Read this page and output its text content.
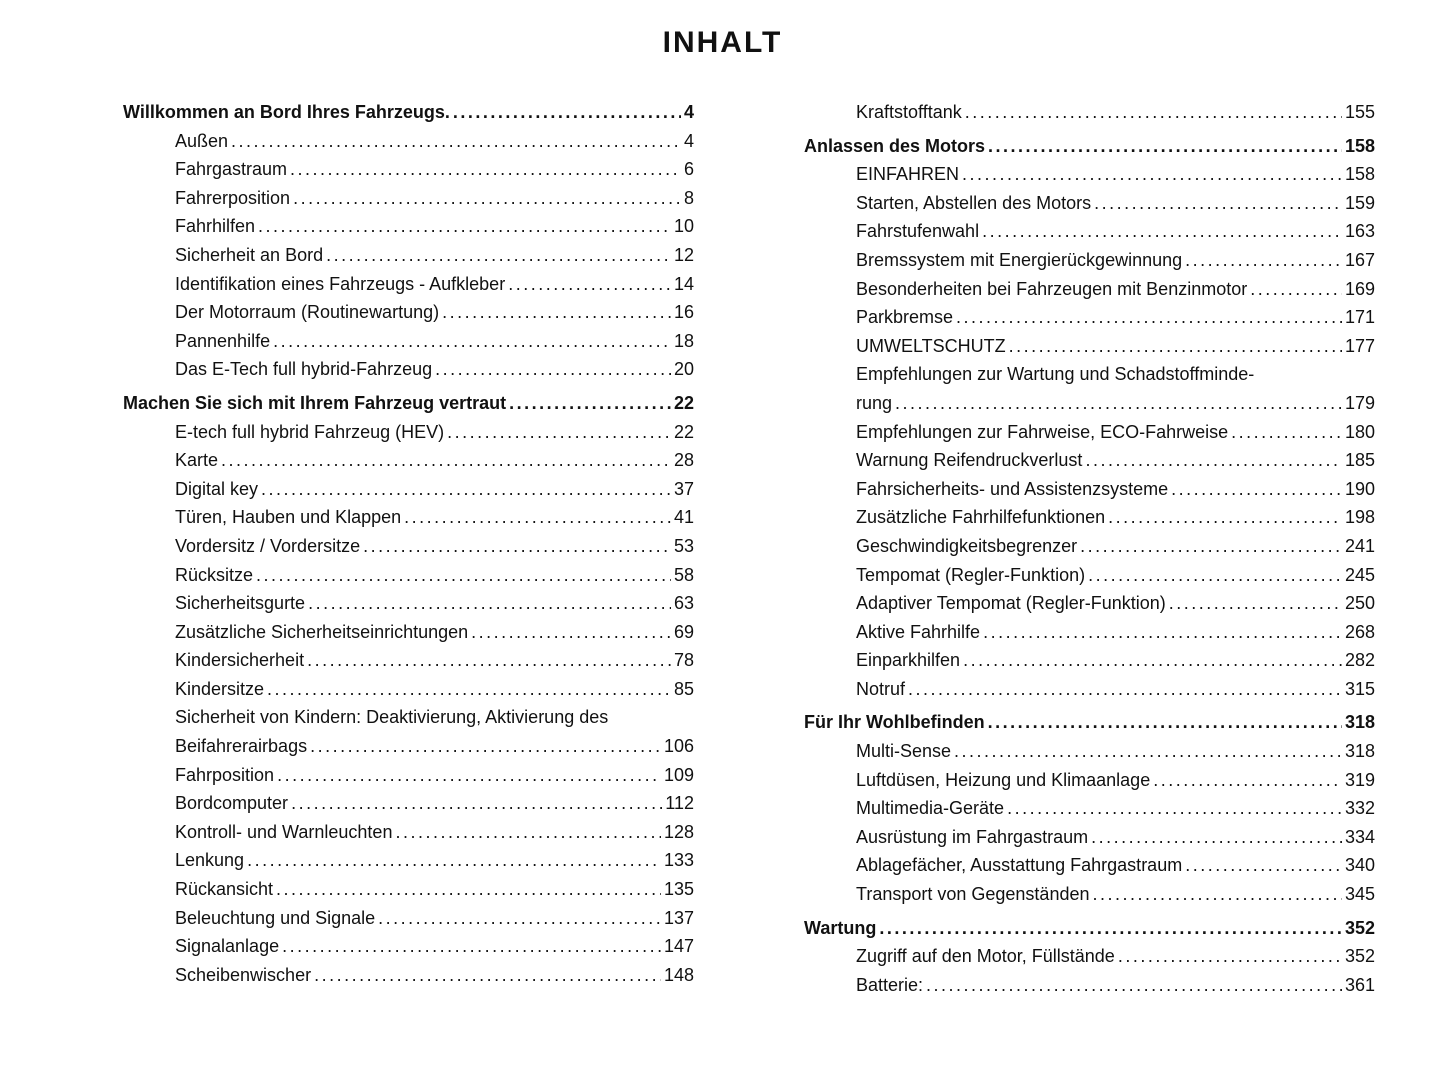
INHALT
Willkommen an Bord Ihres Fahrzeugs. .....	4
Außen .....	4
Fahrgastraum .....	6
Fahrerposition .....	8
Fahrhilfen .....	10
Sicherheit an Bord .....	12
Identifikation eines Fahrzeugs - Aufkleber .....	14
Der Motorraum (Routinewartung) .....	16
Pannenhilfe .....	18
Das E-Tech full hybrid-Fahrzeug .....	20
Machen Sie sich mit Ihrem Fahrzeug vertraut .....	22
E-tech full hybrid Fahrzeug (HEV) .....	22
Karte .....	28
Digital key .....	37
Türen, Hauben und Klappen .....	41
Vordersitz / Vordersitze .....	53
Rücksitze .....	58
Sicherheitsgurte .....	63
Zusätzliche Sicherheitseinrichtungen .....	69
Kindersicherheit .....	78
Kindersitze .....	85
Sicherheit von Kindern: Deaktivierung, Aktivierung des
Beifahrerairbags .....	106
Fahrposition .....	109
Bordcomputer .....	112
Kontroll- und Warnleuchten .....	128
Lenkung .....	133
Rückansicht .....	135
Beleuchtung und Signale .....	137
Signalanlage .....	147
Scheibenwischer .....	148
Kraftstofftank .....	155
Anlassen des Motors .....	158
EINFAHREN .....	158
Starten, Abstellen des Motors .....	159
Fahrstufenwahl .....	163
Bremssystem mit Energierückgewinnung .....	167
Besonderheiten bei Fahrzeugen mit Benzinmotor .....	169
Parkbremse .....	171
UMWELTSCHUTZ .....	177
Empfehlungen zur Wartung und Schadstoffminde-
rung .....	179
Empfehlungen zur Fahrweise, ECO-Fahrweise .....	180
Warnung Reifendruckverlust .....	185
Fahrsicherheits- und Assistenzsysteme .....	190
Zusätzliche Fahrhilfefunktionen .....	198
Geschwindigkeitsbegrenzer .....	241
Tempomat (Regler-Funktion) .....	245
Adaptiver Tempomat (Regler-Funktion) .....	250
Aktive Fahrhilfe .....	268
Einparkhilfen .....	282
Notruf .....	315
Für Ihr Wohlbefinden .....	318
Multi-Sense .....	318
Luftdüsen, Heizung und Klimaanlage .....	319
Multimedia-Geräte .....	332
Ausrüstung im Fahrgastraum .....	334
Ablagefächer, Ausstattung Fahrgastraum .....	340
Transport von Gegenständen .....	345
Wartung .....	352
Zugriff auf den Motor, Füllstände .....	352
Batterie: .....	361
